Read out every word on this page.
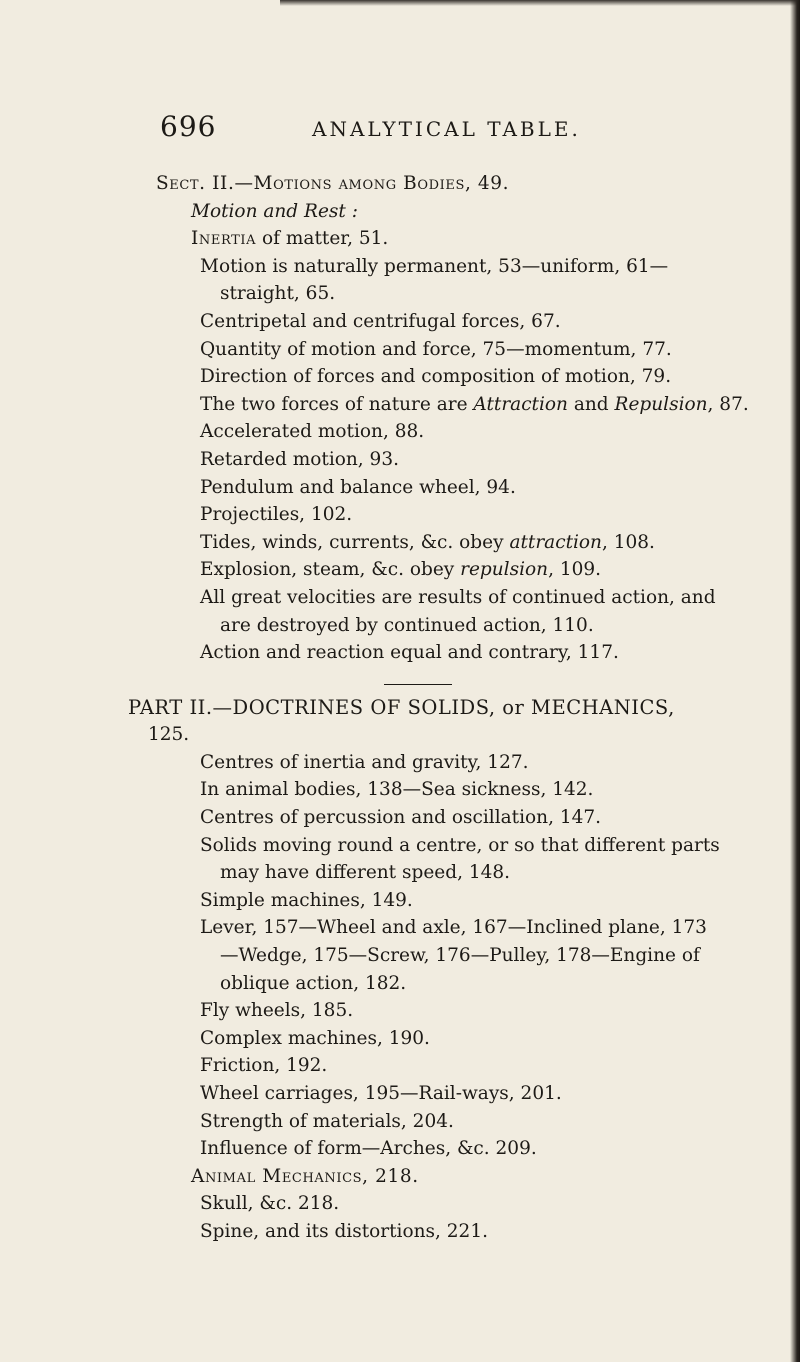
696	ANALYTICAL TABLE.
Sect. II.—Motions among Bodies, 49.
Motion and Rest :
Inertia of matter, 51.
Motion is naturally permanent, 53—uniform, 61—
straight, 65.
Centripetal and centrifugal forces, 67.
Quantity of motion and force, 75—momentum, 77.
Direction of forces and composition of motion, 79.
The two forces of nature are Attraction and Repulsion, 87.
Accelerated motion, 88.
Retarded motion, 93.
Pendulum and balance wheel, 94.
Projectiles, 102.
Tides, winds, currents, &c. obey attraction, 108.
Explosion, steam, &c. obey repulsion, 109.
All great velocities are results of continued action, and
are destroyed by continued action, 110.
Action and reaction equal and contrary, 117.
PART II.—DOCTRINES OF SOLIDS, or MECHANICS,
125.
Centres of inertia and gravity, 127.
In animal bodies, 138—Sea sickness, 142.
Centres of percussion and oscillation, 147.
Solids moving round a centre, or so that different parts
may have different speed, 148.
Simple machines, 149.
Lever, 157—Wheel and axle, 167—Inclined plane, 173
—Wedge, 175—Screw, 176—Pulley, 178—Engine of
oblique action, 182.
Fly wheels, 185.
Complex machines, 190.
Friction, 192.
Wheel carriages, 195—Rail-ways, 201.
Strength of materials, 204.
Influence of form—Arches, &c. 209.
Animal Mechanics, 218.
Skull, &c. 218.
Spine, and its distortions, 221.
